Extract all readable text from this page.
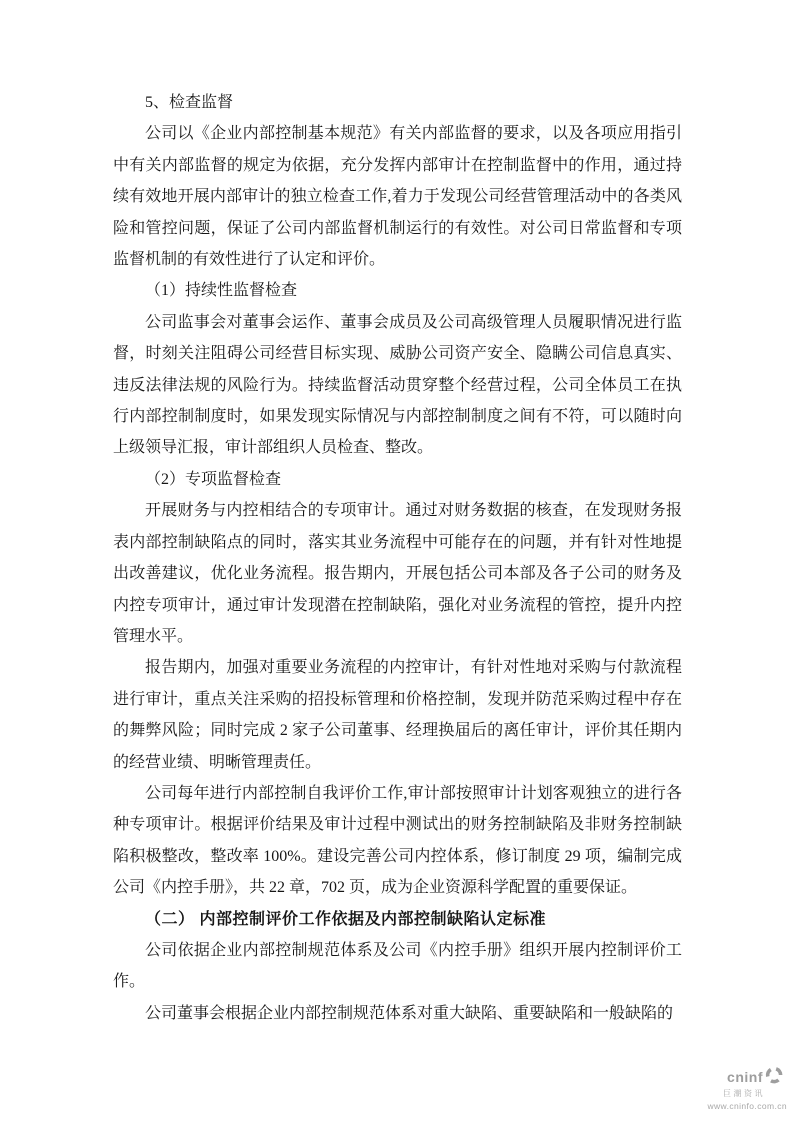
5、检查监督

公司以《企业内部控制基本规范》有关内部监督的要求，以及各项应用指引中有关内部监督的规定为依据，充分发挥内部审计在控制监督中的作用，通过持续有效地开展内部审计的独立检查工作,着力于发现公司经营管理活动中的各类风险和管控问题，保证了公司内部监督机制运行的有效性。对公司日常监督和专项监督机制的有效性进行了认定和评价。

（1）持续性监督检查

公司监事会对董事会运作、董事会成员及公司高级管理人员履职情况进行监督，时刻关注阻碍公司经营目标实现、威胁公司资产安全、隐瞒公司信息真实、违反法律法规的风险行为。持续监督活动贯穿整个经营过程，公司全体员工在执行内部控制制度时，如果发现实际情况与内部控制制度之间有不符，可以随时向上级领导汇报，审计部组织人员检查、整改。

（2）专项监督检查

开展财务与内控相结合的专项审计。通过对财务数据的核查，在发现财务报表内部控制缺陷点的同时，落实其业务流程中可能存在的问题，并有针对性地提出改善建议，优化业务流程。报告期内，开展包括公司本部及各子公司的财务及内控专项审计，通过审计发现潜在控制缺陷，强化对业务流程的管控，提升内控管理水平。

报告期内，加强对重要业务流程的内控审计，有针对性地对采购与付款流程进行审计，重点关注采购的招投标管理和价格控制，发现并防范采购过程中存在的舞弊风险；同时完成 2 家子公司董事、经理换届后的离任审计，评价其任期内的经营业绩、明晰管理责任。

公司每年进行内部控制自我评价工作,审计部按照审计计划客观独立的进行各种专项审计。根据评价结果及审计过程中测试出的财务控制缺陷及非财务控制缺陷积极整改，整改率 100%。建设完善公司内控体系，修订制度 29 项，编制完成公司《内控手册》，共 22 章，702 页，成为企业资源科学配置的重要保证。

（二） 内部控制评价工作依据及内部控制缺陷认定标准

公司依据企业内部控制规范体系及公司《内控手册》组织开展内控制评价工作。

公司董事会根据企业内部控制规范体系对重大缺陷、重要缺陷和一般缺陷的

cninf
巨潮资讯
www.cninfo.com.cn
